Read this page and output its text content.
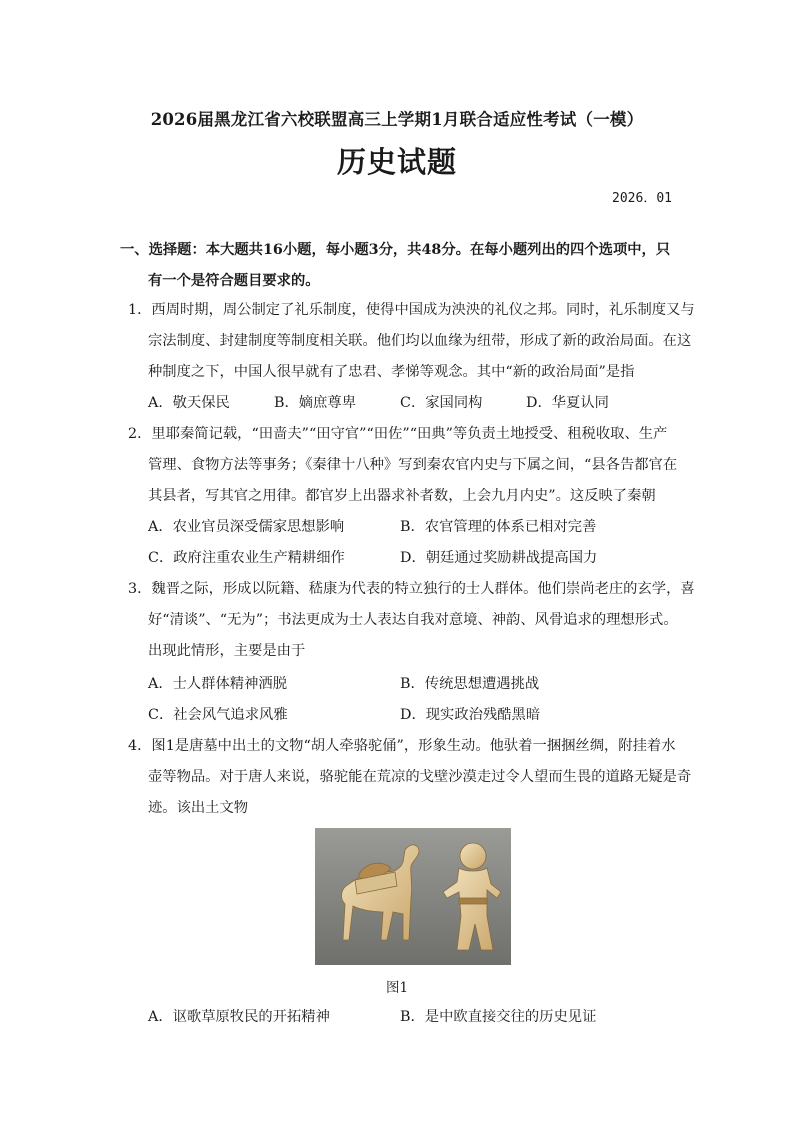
2026届黑龙江省六校联盟高三上学期1月联合适应性考试（一模）
历史试题
2026．01
一、选择题：本大题共16小题，每小题3分，共48分。在每小题列出的四个选项中，只
有一个是符合题目要求的。
1．西周时期，周公制定了礼乐制度，使得中国成为泱泱的礼仪之邦。同时，礼乐制度又与
宗法制度、封建制度等制度相关联。他们均以血缘为纽带，形成了新的政治局面。在这
种制度之下，中国人很早就有了忠君、孝悌等观念。其中“新的政治局面”是指
A．敬天保民	B．嫡庶尊卑	C．家国同构	D．华夏认同
2．里耶秦简记载，“田啬夫”“田守官”“田佐”“田典”等负责土地授受、租税收取、生产
管理、食物方法等事务；《秦律十八种》写到秦农官内史与下属之间，“县各告都官在
其县者，写其官之用律。都官岁上出器求补者数，上会九月内史”。这反映了秦朝
A．农业官员深受儒家思想影响	B．农官管理的体系已相对完善
C．政府注重农业生产精耕细作	D．朝廷通过奖励耕战提高国力
3．魏晋之际，形成以阮籍、嵇康为代表的特立独行的士人群体。他们崇尚老庄的玄学，喜
好“清谈”、“无为”；书法更成为士人表达自我对意境、神韵、风骨追求的理想形式。
出现此情形，主要是由于
A．士人群体精神洒脱	B．传统思想遭遇挑战
C．社会风气追求风雅	D．现实政治残酷黑暗
4．图1是唐墓中出土的文物“胡人牵骆驼俑”，形象生动。他驮着一捆捆丝绸，附挂着水
壶等物品。对于唐人来说，骆驼能在荒凉的戈壁沙漠走过令人望而生畏的道路无疑是奇
迹。该出土文物
图1
A．讴歌草原牧民的开拓精神	B．是中欧直接交往的历史见证
